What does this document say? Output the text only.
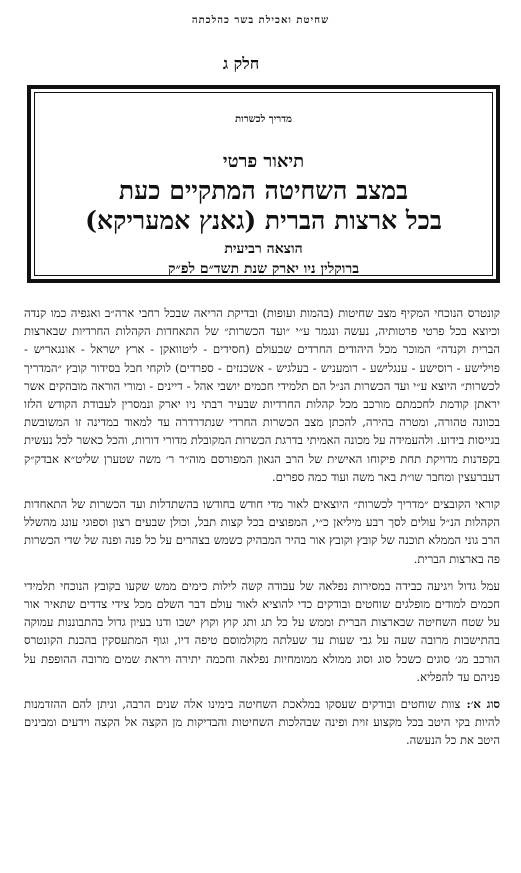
שחיטת ואכילת בשר כהלכתה
חלק ג
מדריך לכשרות
תיאור פרטי
במצב השחיטה המתקיים כעת
בכל ארצות הברית (גאנץ אמעריקא)
הוצאה רביעית
ברוקלין ניו יארק שנת תשד״ם לפ״ק

קונטרס הנוכחי המקיף מצב שחיטות (בהמות ועופות) ובדיקת הריאה שבכל רחבי ארה״ב ואגפיה כמו קנדה וכיוצא בכל פרטי פרטותיה, נעשה ונגמר ע״י ״ועד הכשרות״ של התאחדות הקהלות החרדיות שבארצות הברית וקנדה״ המוכר מכל היהודים החרדים שבעולם (חסידים - ליטוואקן - ארץ ישראל - אונגאריש - פוילישע - רוסישע - ענגלישע - רומעניש - בעלגיש - אשכנזים - ספרדים) לוקחי חבל בסידור קובץ ״המדריך לכשרות״ היוצא ע״י ועד הכשרות הנ״ל הם תלמידי חכמים יושבי אהל - דיינים - ומורי הוראה מובהקים אשר יראתן קודמת לחכמתם מורכב מכל קהלות החרדיות שבעיר רבתי ניו יארק ונמסרין לעבודת הקודש הלזו בכוונה טהורה, ומטרה בהירה, להכתן מצב הכשרות החרדי שנתדרדרה עד למאוד במדינה זו המשובשת בגייסות בידוע. ולהעמידה על מכונה האמיתי בדרגת הכשרות המקובלת מדורי דורות, והכל כאשר לכל נעשית בקפדנות מדויקת תחת פיקוחו האישית של הרב הגאון המפורסם מוה״ר ר׳ משה שטערן שליט״א אבדק״ק דעברעצין ומחבר שו״ת באר משה ועוד כמה ספרים.

קוראי הקובצים ״מדריך לכשרות״ היוצאים לאור מדי חודש בחודשו בהשתדלות ועד הכשרות של התאחדות הקהלות הנ״ל עולים לסך רבע מיליאן כ״י, המפוצים בכל קצות תבל, וכולן שבעים רצון וספוגי עונג מהשלל הרב גוני הממלא תוכנה של קובץ וקובץ אור בהיר המבהיק כשמש בצהרים על כל פנה ופנה של שדי הכשרות פה בארצות הברית.

עמל גדול ויגיעה כבידה במסירות נפלאה של עבודה קשה לילות כימים ממש שקעו בקובץ הנוכחי תלמידי חכמים למודים מופלגים שוחטים ובודקים כדי להוציא לאור עולם דבר השלם מכל צידי צדדים שתאיר אור על שטח השחיטה שבארצות הברית וממש על כל תג ותג קוץ וקוץ ישבו ודנו בעיון גדול בהתבוננות עמוקה בהתישבות מרובה שעה על גבי שעות עד שעלתה מקולמוסם טיפה דיו, וגוף המתעסקין בהכנת הקונטרס הורכב מג׳ סוגים כשכל סוג וסוג ממולא ממומחיות נפלאה וחכמה יתירה ויראת שמים מרובה ההופפת על פניהם עד להפליא.

סוג א׳:צוות שוחטים ובודקים שעסקו במלאכת השחיטה בימינו אלה שנים הרבה, וניתן להם ההזדמנות להיות בקי היטב בכל מקצוע זוית ופינה שבהלכות השחיטות והבדיקות מן הקצה אל הקצה וידעים ומבינים היטב את כל הנעשה.
